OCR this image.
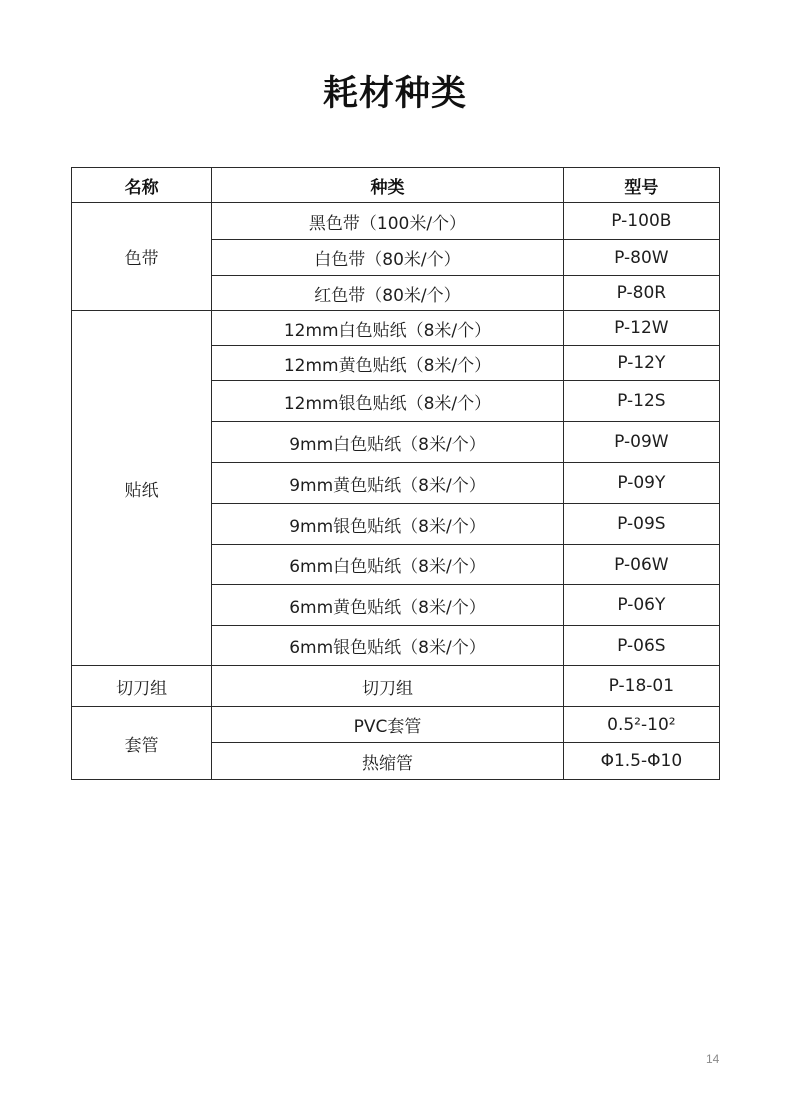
耗材种类
名称	种类	型号
色带	黑色带（100米/个）	P-100B
	白色带（80米/个）	P-80W
	红色带（80米/个）	P-80R
贴纸	12mm白色贴纸（8米/个）	P-12W
	12mm黄色贴纸（8米/个）	P-12Y
	12mm银色贴纸（8米/个）	P-12S
	9mm白色贴纸（8米/个）	P-09W
	9mm黄色贴纸（8米/个）	P-09Y
	9mm银色贴纸（8米/个）	P-09S
	6mm白色贴纸（8米/个）	P-06W
	6mm黄色贴纸（8米/个）	P-06Y
	6mm银色贴纸（8米/个）	P-06S
切刀组	切刀组	P-18-01
套管	PVC套管	0.5²-10²
	热缩管	Φ1.5-Φ10
14
